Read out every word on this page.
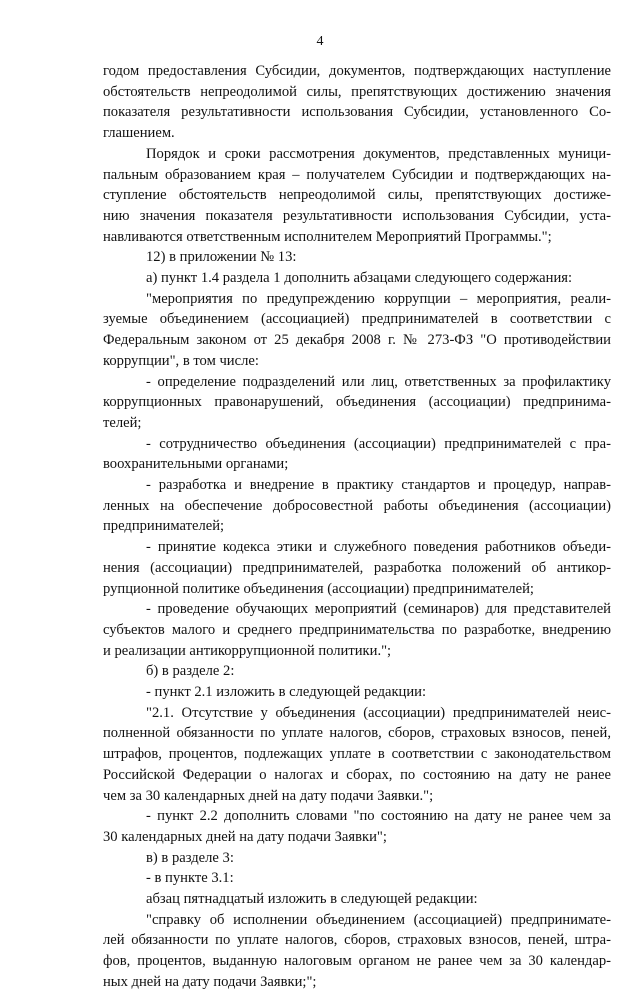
4
годом предоставления Субсидии, документов, подтверждающих наступление
обстоятельств непреодолимой силы, препятствующих достижению значения
показателя результативности использования Субсидии, установленного Со-
глашением.
Порядок и сроки рассмотрения документов, представленных муници-
пальным образованием края – получателем Субсидии и подтверждающих на-
ступление обстоятельств непреодолимой силы, препятствующих достиже-
нию значения показателя результативности использования Субсидии, уста-
навливаются ответственным исполнителем Мероприятий Программы.";
12) в приложении № 13:
а) пункт 1.4 раздела 1 дополнить абзацами следующего содержания:
"мероприятия по предупреждению коррупции – мероприятия, реали-
зуемые объединением (ассоциацией) предпринимателей в соответствии с
Федеральным законом от 25 декабря 2008 г. № 273-ФЗ "О противодействии
коррупции", в том числе:
- определение подразделений или лиц, ответственных за профилактику
коррупционных правонарушений, объединения (ассоциации) предпринима-
телей;
- сотрудничество объединения (ассоциации) предпринимателей с пра-
воохранительными органами;
- разработка и внедрение в практику стандартов и процедур, направ-
ленных на обеспечение добросовестной работы объединения (ассоциации)
предпринимателей;
- принятие кодекса этики и служебного поведения работников объеди-
нения (ассоциации) предпринимателей, разработка положений об антикор-
рупционной политике объединения (ассоциации) предпринимателей;
- проведение обучающих мероприятий (семинаров) для представителей
субъектов малого и среднего предпринимательства по разработке, внедрению
и реализации антикоррупционной политики.";
б) в разделе 2:
- пункт 2.1 изложить в следующей редакции:
"2.1. Отсутствие у объединения (ассоциации) предпринимателей неис-
полненной обязанности по уплате налогов, сборов, страховых взносов, пеней,
штрафов, процентов, подлежащих уплате в соответствии с законодательством
Российской Федерации о налогах и сборах, по состоянию на дату не ранее
чем за 30 календарных дней на дату подачи Заявки.";
- пункт 2.2 дополнить словами "по состоянию на дату не ранее чем за
30 календарных дней на дату подачи Заявки";
в) в разделе 3:
- в пункте 3.1:
абзац пятнадцатый изложить в следующей редакции:
"справку об исполнении объединением (ассоциацией) предпринимате-
лей обязанности по уплате налогов, сборов, страховых взносов, пеней, штра-
фов, процентов, выданную налоговым органом не ранее чем за 30 календар-
ных дней на дату подачи Заявки;";
